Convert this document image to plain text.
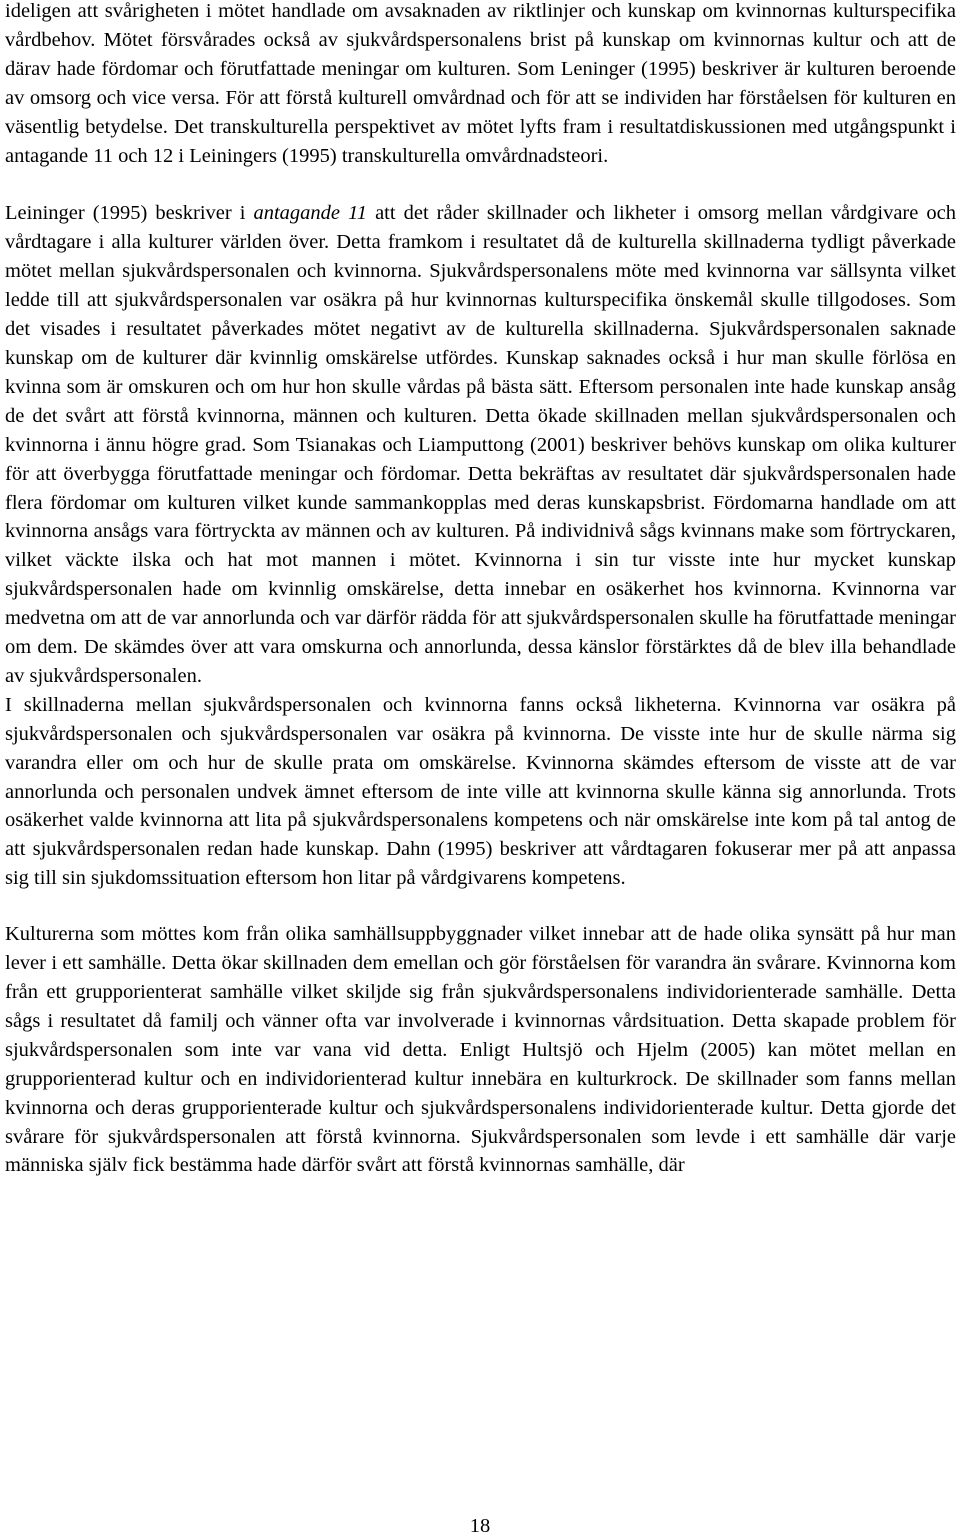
ideligen att svårigheten i mötet handlade om avsaknaden av riktlinjer och kunskap om kvinnornas kulturspecifika vårdbehov. Mötet försvårades också av sjukvårdspersonalens brist på kunskap om kvinnornas kultur och att de därav hade fördomar och förutfattade meningar om kulturen. Som Leninger (1995) beskriver är kulturen beroende av omsorg och vice versa. För att förstå kulturell omvårdnad och för att se individen har förståelsen för kulturen en väsentlig betydelse. Det transkulturella perspektivet av mötet lyfts fram i resultatdiskussionen med utgångspunkt i antagande 11 och 12 i Leiningers (1995) transkulturella omvårdnadsteori.

Leininger (1995) beskriver i antagande 11 att det råder skillnader och likheter i omsorg mellan vårdgivare och vårdtagare i alla kulturer världen över. Detta framkom i resultatet då de kulturella skillnaderna tydligt påverkade mötet mellan sjukvårdspersonalen och kvinnorna. Sjukvårdspersonalens möte med kvinnorna var sällsynta vilket ledde till att sjukvårdspersonalen var osäkra på hur kvinnornas kulturspecifika önskemål skulle tillgodoses. Som det visades i resultatet påverkades mötet negativt av de kulturella skillnaderna. Sjukvårdspersonalen saknade kunskap om de kulturer där kvinnlig omskärelse utfördes. Kunskap saknades också i hur man skulle förlösa en kvinna som är omskuren och om hur hon skulle vårdas på bästa sätt. Eftersom personalen inte hade kunskap ansåg de det svårt att förstå kvinnorna, männen och kulturen. Detta ökade skillnaden mellan sjukvårdspersonalen och kvinnorna i ännu högre grad. Som Tsianakas och Liamputtong (2001) beskriver behövs kunskap om olika kulturer för att överbygga förutfattade meningar och fördomar. Detta bekräftas av resultatet där sjukvårdspersonalen hade flera fördomar om kulturen vilket kunde sammankopplas med deras kunskapsbrist. Fördomarna handlade om att kvinnorna ansågs vara förtryckta av männen och av kulturen. På individnivå sågs kvinnans make som förtryckaren, vilket väckte ilska och hat mot mannen i mötet. Kvinnorna i sin tur visste inte hur mycket kunskap sjukvårdspersonalen hade om kvinnlig omskärelse, detta innebar en osäkerhet hos kvinnorna. Kvinnorna var medvetna om att de var annorlunda och var därför rädda för att sjukvårdspersonalen skulle ha förutfattade meningar om dem. De skämdes över att vara omskurna och annorlunda, dessa känslor förstärktes då de blev illa behandlade av sjukvårdspersonalen.

I skillnaderna mellan sjukvårdspersonalen och kvinnorna fanns också likheterna. Kvinnorna var osäkra på sjukvårdspersonalen och sjukvårdspersonalen var osäkra på kvinnorna. De visste inte hur de skulle närma sig varandra eller om och hur de skulle prata om omskärelse. Kvinnorna skämdes eftersom de visste att de var annorlunda och personalen undvek ämnet eftersom de inte ville att kvinnorna skulle känna sig annorlunda. Trots osäkerhet valde kvinnorna att lita på sjukvårdspersonalens kompetens och när omskärelse inte kom på tal antog de att sjukvårdspersonalen redan hade kunskap. Dahn (1995) beskriver att vårdtagaren fokuserar mer på att anpassa sig till sin sjukdomssituation eftersom hon litar på vårdgivarens kompetens.

Kulturerna som möttes kom från olika samhällsuppbyggnader vilket innebar att de hade olika synsätt på hur man lever i ett samhälle. Detta ökar skillnaden dem emellan och gör förståelsen för varandra än svårare. Kvinnorna kom från ett grupporienterat samhälle vilket skiljde sig från sjukvårdspersonalens individorienterade samhälle. Detta sågs i resultatet då familj och vänner ofta var involverade i kvinnornas vårdsituation. Detta skapade problem för sjukvårdspersonalen som inte var vana vid detta. Enligt Hultsjö och Hjelm (2005) kan mötet mellan en grupporienterad kultur och en individorienterad kultur innebära en kulturkrock. De skillnader som fanns mellan kvinnorna och deras grupporienterade kultur och sjukvårdspersonalens individorienterade kultur. Detta gjorde det svårare för sjukvårdspersonalen att förstå kvinnorna. Sjukvårdspersonalen som levde i ett samhälle där varje människa själv fick bestämma hade därför svårt att förstå kvinnornas samhälle, där

18
